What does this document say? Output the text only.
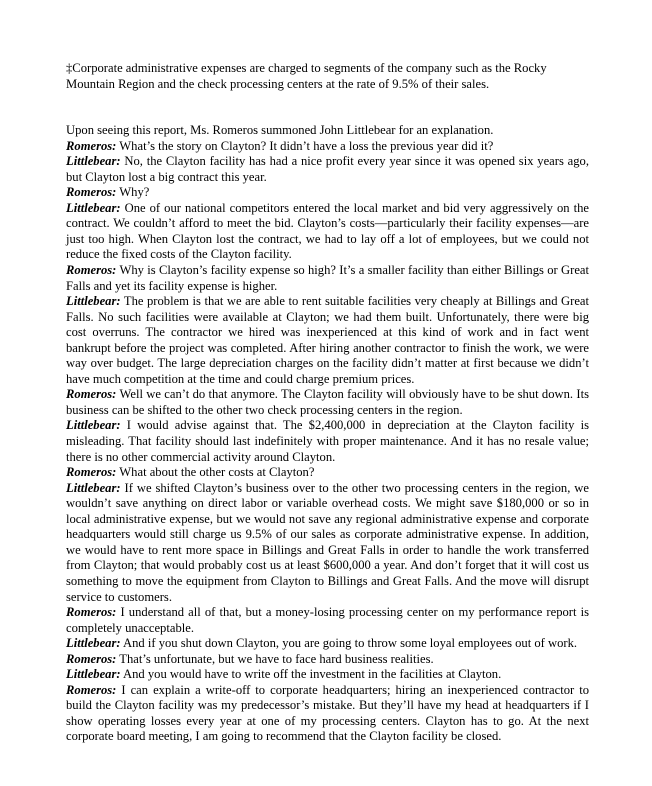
‡Corporate administrative expenses are charged to segments of the company such as the Rocky Mountain Region and the check processing centers at the rate of 9.5% of their sales.

Upon seeing this report, Ms. Romeros summoned John Littlebear for an explanation.

Romeros: What’s the story on Clayton? It didn’t have a loss the previous year did it?

Littlebear: No, the Clayton facility has had a nice profit every year since it was opened six years ago, but Clayton lost a big contract this year.

Romeros: Why?

Littlebear: One of our national competitors entered the local market and bid very aggressively on the contract. We couldn’t afford to meet the bid. Clayton’s costs—particularly their facility expenses—are just too high. When Clayton lost the contract, we had to lay off a lot of employees, but we could not reduce the fixed costs of the Clayton facility.

Romeros: Why is Clayton’s facility expense so high? It’s a smaller facility than either Billings or Great Falls and yet its facility expense is higher.

Littlebear: The problem is that we are able to rent suitable facilities very cheaply at Billings and Great Falls. No such facilities were available at Clayton; we had them built. Unfortunately, there were big cost overruns. The contractor we hired was inexperienced at this kind of work and in fact went bankrupt before the project was completed. After hiring another contractor to finish the work, we were way over budget. The large depreciation charges on the facility didn’t matter at first because we didn’t have much competition at the time and could charge premium prices.

Romeros: Well we can’t do that anymore. The Clayton facility will obviously have to be shut down. Its business can be shifted to the other two check processing centers in the region.

Littlebear: I would advise against that. The $2,400,000 in depreciation at the Clayton facility is misleading. That facility should last indefinitely with proper maintenance. And it has no resale value; there is no other commercial activity around Clayton.

Romeros: What about the other costs at Clayton?

Littlebear: If we shifted Clayton’s business over to the other two processing centers in the region, we wouldn’t save anything on direct labor or variable overhead costs. We might save $180,000 or so in local administrative expense, but we would not save any regional administrative expense and corporate headquarters would still charge us 9.5% of our sales as corporate administrative expense. In addition, we would have to rent more space in Billings and Great Falls in order to handle the work transferred from Clayton; that would probably cost us at least $600,000 a year. And don’t forget that it will cost us something to move the equipment from Clayton to Billings and Great Falls. And the move will disrupt service to customers.

Romeros: I understand all of that, but a money-losing processing center on my performance report is completely unacceptable.

Littlebear: And if you shut down Clayton, you are going to throw some loyal employees out of work.

Romeros: That’s unfortunate, but we have to face hard business realities.

Littlebear: And you would have to write off the investment in the facilities at Clayton.

Romeros: I can explain a write-off to corporate headquarters; hiring an inexperienced contractor to build the Clayton facility was my predecessor’s mistake. But they’ll have my head at headquarters if I show operating losses every year at one of my processing centers. Clayton has to go. At the next corporate board meeting, I am going to recommend that the Clayton facility be closed.
